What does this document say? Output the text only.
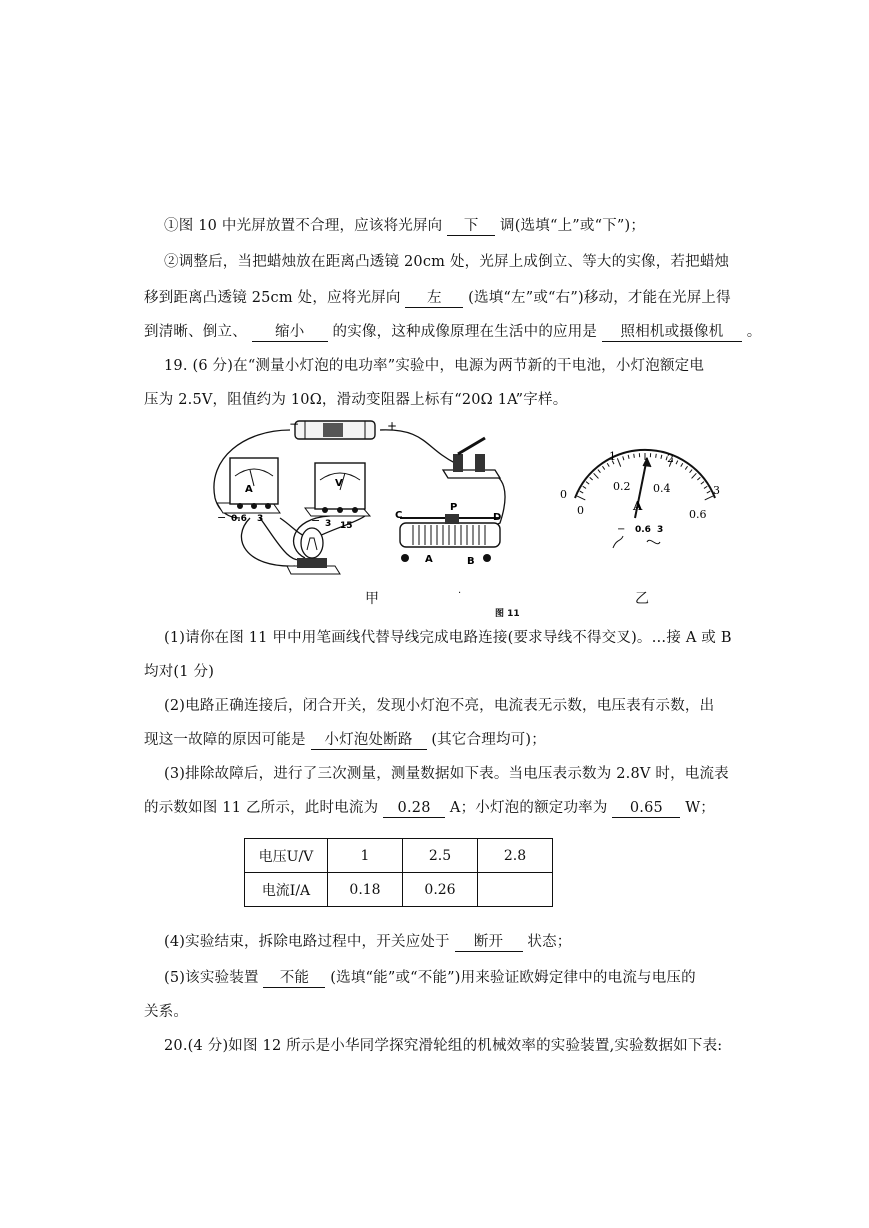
①图 10 中光屏放置不合理，应该将光屏向 下 调(选填“上”或“下”)；
②调整后，当把蜡烛放在距离凸透镜 20cm 处，光屏上成倒立、等大的实像，若把蜡烛
移到距离凸透镜 25cm 处，应将光屏向 左 (选填“左”或“右”)移动，才能在光屏上得
到清晰、倒立、 缩小 的实像，这种成像原理在生活中的应用是 照相机或摄像机 。
19. (6 分)在“测量小灯泡的电功率”实验中，电源为两节新的干电池，小灯泡额定电
压为 2.5V，阻值约为 10Ω，滑动变阻器上标有“20Ω 1A”字样。
−	+
A
− 0.6 3
V
− 3 15
C
P
D
A	B
0
1	2
3
0
0.2 0.4
0.6
A
− 0.6 3
甲	·	乙
图 11
(1)请你在图 11 甲中用笔画线代替导线完成电路连接(要求导线不得交叉)。…接 A 或 B
均对(1 分)
(2)电路正确连接后，闭合开关，发现小灯泡不亮，电流表无示数，电压表有示数，出
现这一故障的原因可能是 小灯泡处断路 (其它合理均可)；
(3)排除故障后，进行了三次测量，测量数据如下表。当电压表示数为 2.8V 时，电流表
的示数如图 11 乙所示，此时电流为 0.28 A；小灯泡的额定功率为 0.65 W；
电压U/V	1	2.5	2.8
电流I/A	0.18	0.26	
(4)实验结束，拆除电路过程中，开关应处于 断开 状态；
(5)该实验装置 不能 (选填“能”或“不能”)用来验证欧姆定律中的电流与电压的
关系。
20.(4 分)如图 12 所示是小华同学探究滑轮组的机械效率的实验装置,实验数据如下表:
